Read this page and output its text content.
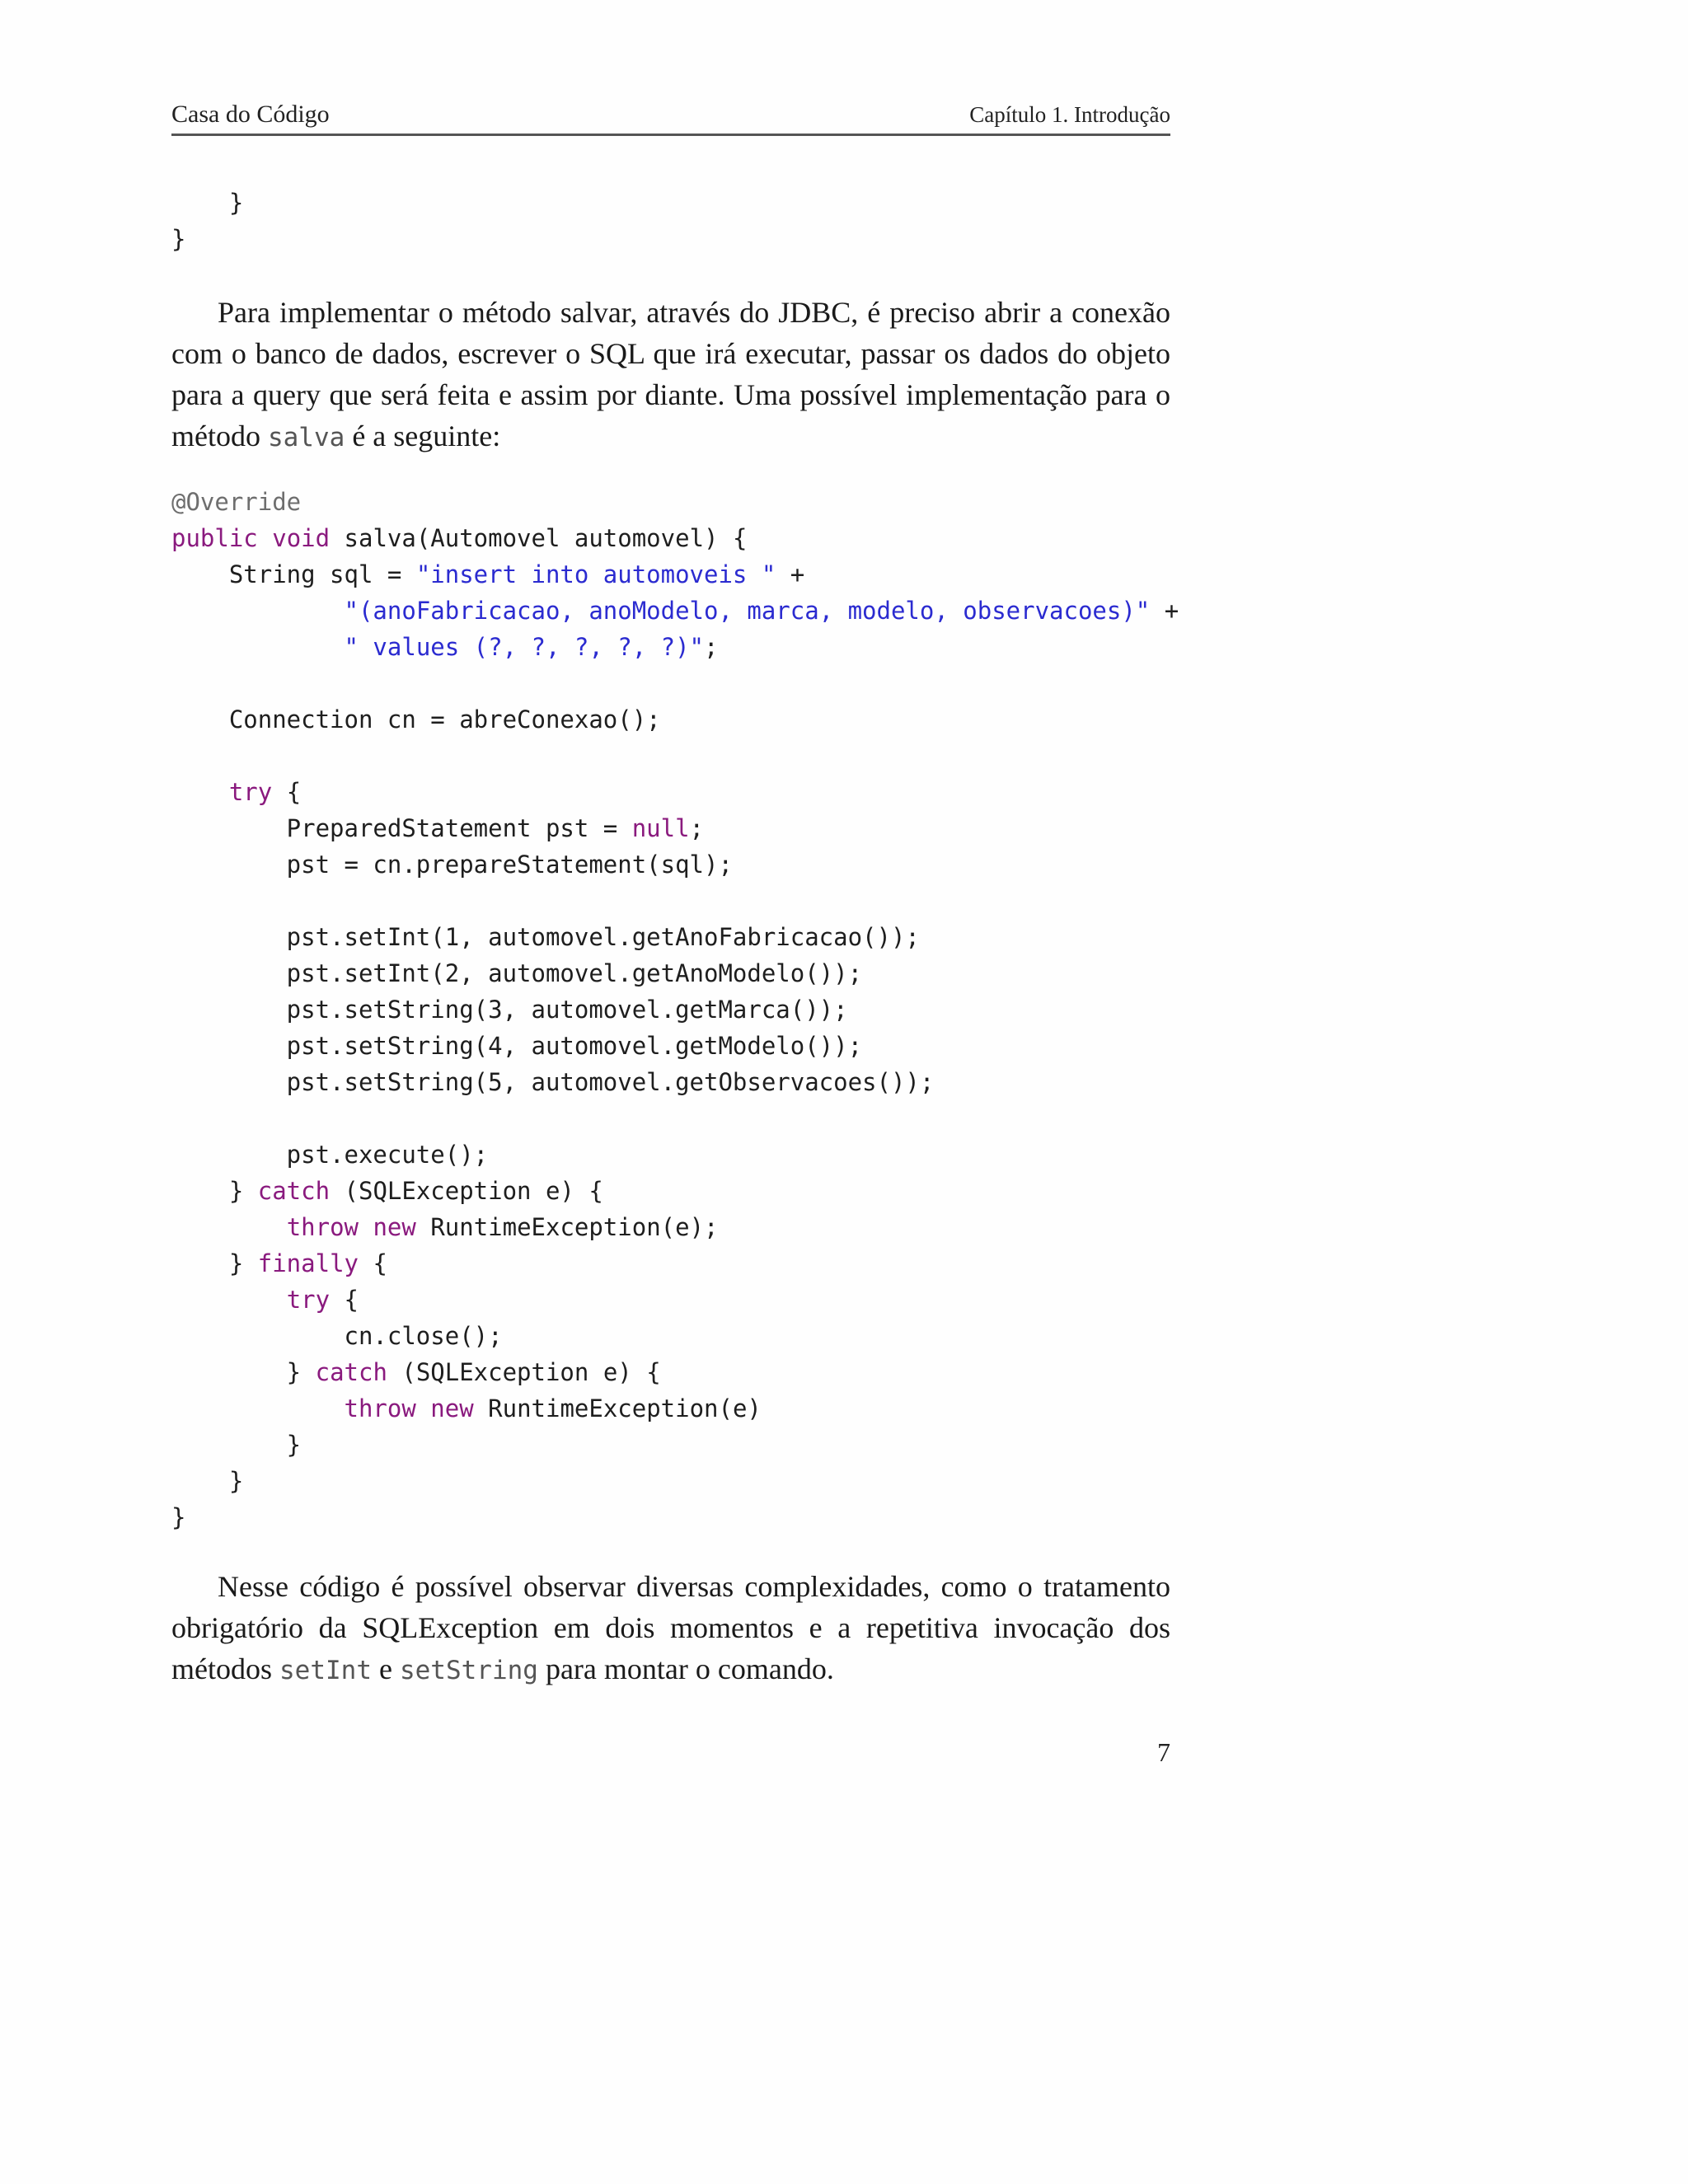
Casa do Código	Capítulo 1. Introdução
}
}

Para implementar o método salvar, através do JDBC, é preciso abrir a conexão com o banco de dados, escrever o SQL que irá executar, passar os dados do objeto para a query que será feita e assim por diante. Uma possível implementação para o método salva é a seguinte:

@Override
public void salva(Automovel automovel) {
String sql = "insert into automoveis " +
"(anoFabricacao, anoModelo, marca, modelo, observacoes)" +
" values (?, ?, ?, ?, ?)";
Connection cn = abreConexao();
try {
PreparedStatement pst = null;
pst = cn.prepareStatement(sql);
pst.setInt(1, automovel.getAnoFabricacao());
pst.setInt(2, automovel.getAnoModelo());
pst.setString(3, automovel.getMarca());
pst.setString(4, automovel.getModelo());
pst.setString(5, automovel.getObservacoes());
pst.execute();
} catch (SQLException e) {
throw new RuntimeException(e);
} finally {
try {
cn.close();
} catch (SQLException e) {
throw new RuntimeException(e)
}
}
}

Nesse código é possível observar diversas complexidades, como o tratamento obrigatório da SQLException em dois momentos e a repetitiva invocação dos métodos setInt e setString para montar o comando.

7
